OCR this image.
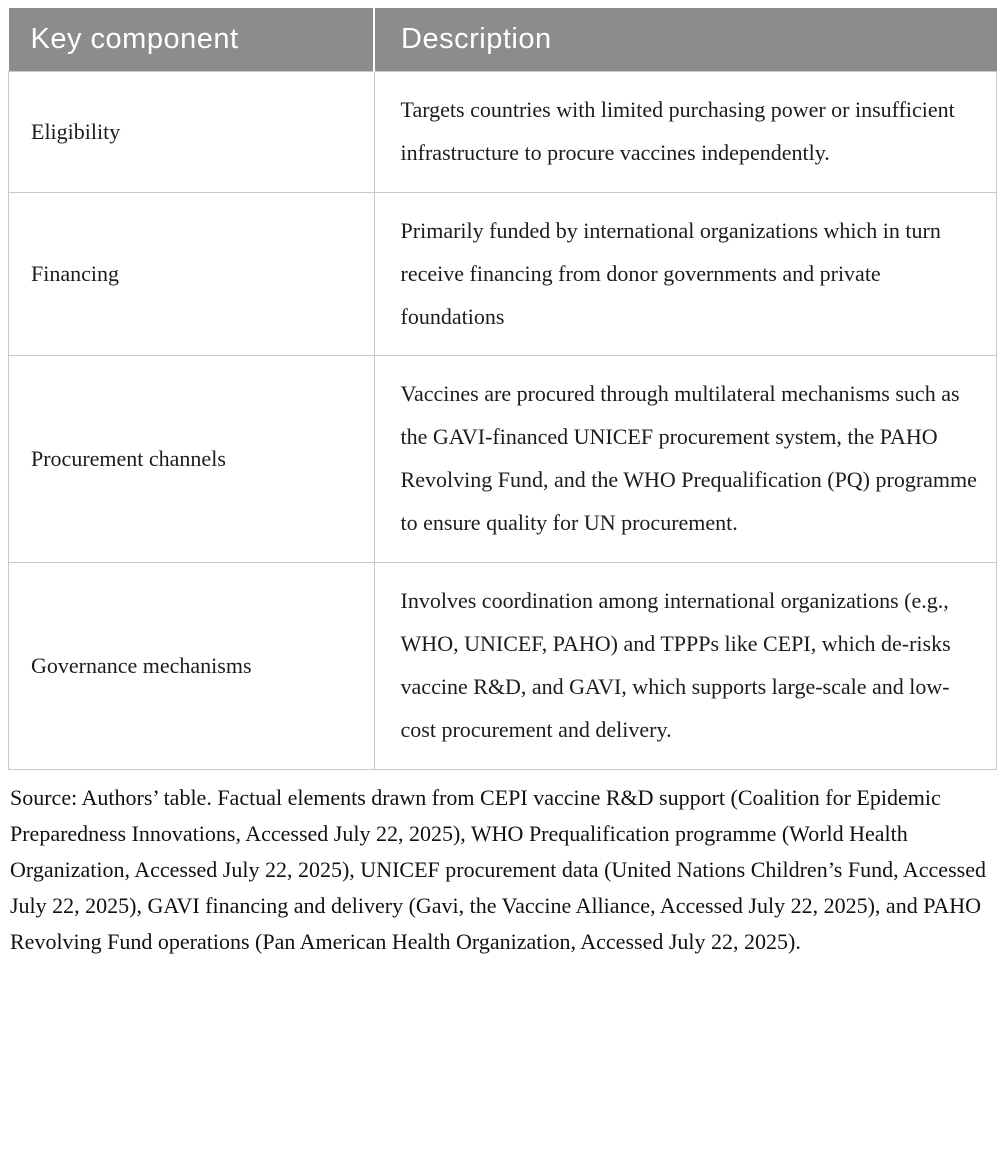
Key component	Description
Eligibility	Targets countries with limited purchasing power or insufficient infrastructure to procure vaccines independently.
Financing	Primarily funded by international organizations which in turn receive financing from donor governments and private foundations
Procurement channels	Vaccines are procured through multilateral mechanisms such as the GAVI-financed UNICEF procurement system, the PAHO Revolving Fund, and the WHO Prequalification (PQ) programme to ensure quality for UN procurement.
Governance mechanisms	Involves coordination among international organizations (e.g., WHO, UNICEF, PAHO) and TPPPs like CEPI, which de-risks vaccine R&D, and GAVI, which supports large-scale and low-cost procurement and delivery.

Source: Authors’ table. Factual elements drawn from CEPI vaccine R&D support (Coalition for Epidemic Preparedness Innovations, Accessed July 22, 2025), WHO Prequalification programme (World Health Organization, Accessed July 22, 2025), UNICEF procurement data (United Nations Children’s Fund, Accessed July 22, 2025), GAVI financing and delivery (Gavi, the Vaccine Alliance, Accessed July 22, 2025), and PAHO Revolving Fund operations (Pan American Health Organization, Accessed July 22, 2025).
